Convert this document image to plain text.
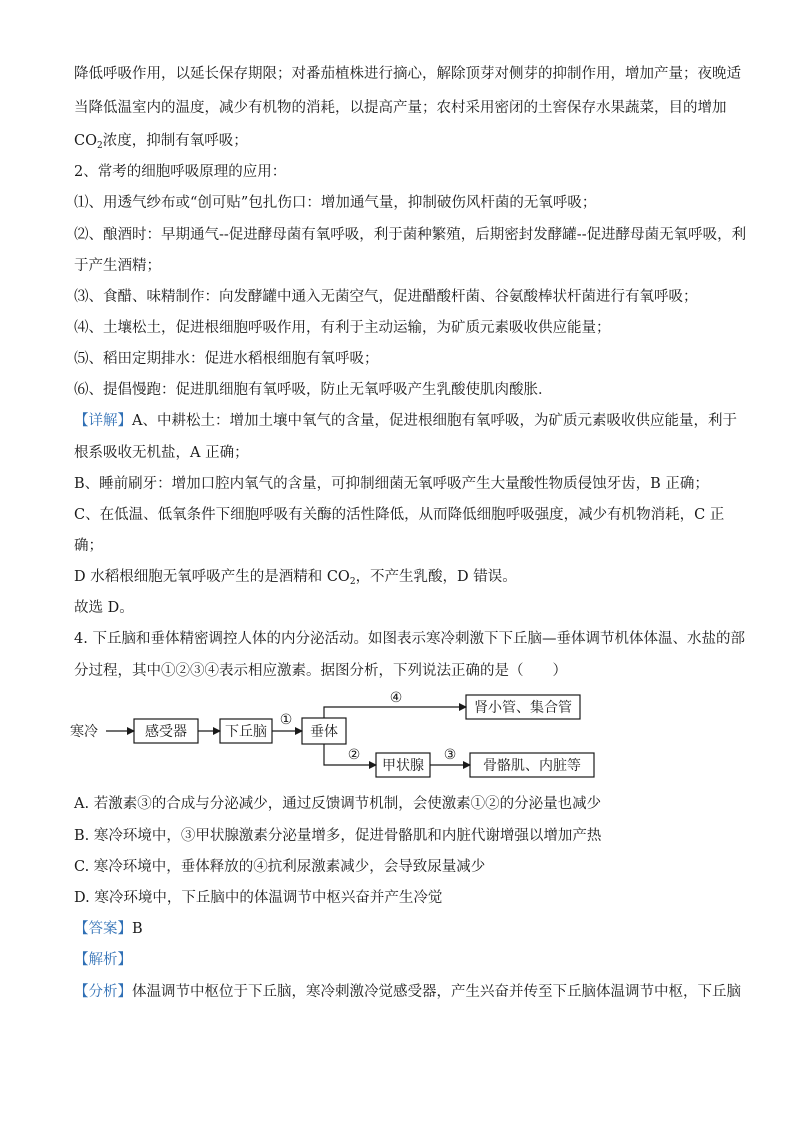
降低呼吸作用，以延长保存期限；对番茄植株进行摘心，解除顶芽对侧芽的抑制作用，增加产量；夜晚适
当降低温室内的温度，减少有机物的消耗，以提高产量；农村采用密闭的土窖保存水果蔬菜，目的增加
$CO_2$浓度，抑制有氧呼吸；
2、常考的细胞呼吸原理的应用：
⑴、用透气纱布或“创可贴”包扎伤口：增加通气量，抑制破伤风杆菌的无氧呼吸；
⑵、酿酒时：早期通气--促进酵母菌有氧呼吸，利于菌种繁殖，后期密封发酵罐--促进酵母菌无氧呼吸，利
于产生酒精；
⑶、食醋、味精制作：向发酵罐中通入无菌空气，促进醋酸杆菌、谷氨酸棒状杆菌进行有氧呼吸；
⑷、土壤松土，促进根细胞呼吸作用，有利于主动运输，为矿质元素吸收供应能量；
⑸、稻田定期排水：促进水稻根细胞有氧呼吸；
⑹、提倡慢跑：促进肌细胞有氧呼吸，防止无氧呼吸产生乳酸使肌肉酸胀．
【详解】A、中耕松土：增加土壤中氧气的含量，促进根细胞有氧呼吸，为矿质元素吸收供应能量，利于
根系吸收无机盐，A 正确；
B、睡前刷牙：增加口腔内氧气的含量，可抑制细菌无氧呼吸产生大量酸性物质侵蚀牙齿，B 正确；
C、在低温、低氧条件下细胞呼吸有关酶的活性降低，从而降低细胞呼吸强度，减少有机物消耗，C 正
确；
D 水稻根细胞无氧呼吸产生的是酒精和 $CO_2$，不产生乳酸，D 错误。
故选 D。
4. 下丘脑和垂体精密调控人体的内分泌活动。如图表示寒冷刺激下下丘脑—垂体调节机体体温、水盐的部
分过程，其中①②③④表示相应激素。据图分析，下列说法正确的是（　　）
寒冷	感受器	下丘脑	垂体
肾小管、集合管
甲状腺	骨骼肌、内脏等
①
④
②	③
A. 若激素③的合成与分泌减少，通过反馈调节机制，会使激素①②的分泌量也减少
B. 寒冷环境中，③甲状腺激素分泌量增多，促进骨骼肌和内脏代谢增强以增加产热
C. 寒冷环境中，垂体释放的④抗利尿激素减少，会导致尿量减少
D. 寒冷环境中，下丘脑中的体温调节中枢兴奋并产生冷觉
【答案】B
【解析】
【分析】体温调节中枢位于下丘脑，寒冷刺激冷觉感受器，产生兴奋并传至下丘脑体温调节中枢，下丘脑
